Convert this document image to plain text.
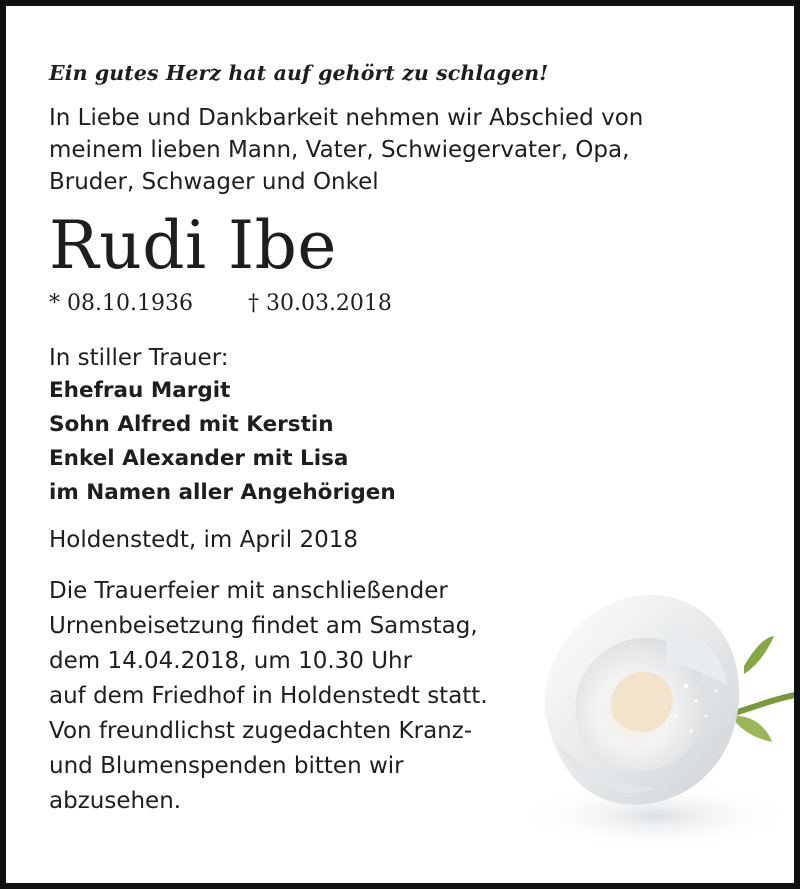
Ein gutes Herz hat auf gehört zu schlagen!

In Liebe und Dankbarkeit nehmen wir Abschied von
meinem lieben Mann, Vater, Schwiegervater, Opa,
Bruder, Schwager und Onkel

Rudi Ibe

* 08.10.1936	† 30.03.2018

In stiller Trauer:
Ehefrau Margit
Sohn Alfred mit Kerstin
Enkel Alexander mit Lisa
im Namen aller Angehörigen
Holdenstedt, im April 2018
Die Trauerfeier mit anschließender
Urnenbeisetzung findet am Samstag,
dem 14.04.2018, um 10.30 Uhr
auf dem Friedhof in Holdenstedt statt.
Von freundlichst zugedachten Kranz-
und Blumenspenden bitten wir
abzusehen.
